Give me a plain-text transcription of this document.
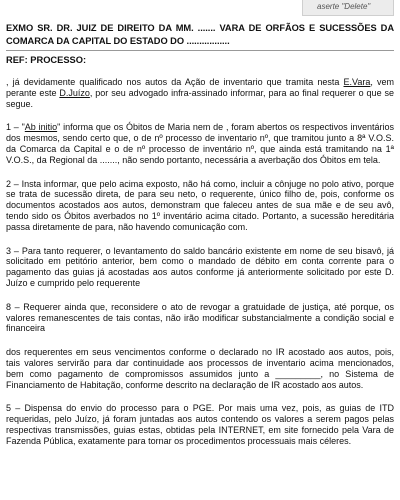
aserte "Delete"
EXMO SR. DR. JUIZ DE DIREITO DA MM. ....... VARA DE ORFÃOS E SUCESSÕES DA COMARCA DA CAPITAL DO ESTADO DO .................
REF: PROCESSO:

, já devidamente qualificado nos autos da Ação de inventario que tramita nesta E.Vara, vem perante este D.Juízo, por seu advogado infra-assinado informar, para ao final requerer o que se segue.

1 – "Ab initio" informa que os Óbitos de Maria nem de , foram abertos os respectivos inventários dos mesmos, sendo certo que, o de nº processo de inventario nº, que tramitou junto a 8ª V.O.S. da Comarca da Capital e o de nº processo de inventário nº, que ainda está tramitando na 1ª V.O.S., da Regional da ......., não sendo portanto, necessária a averbação dos Óbitos em tela.

2 – Insta informar, que pelo acima exposto, não há como, incluir a cônjuge no polo ativo, porque se trata de sucessão direta, de para seu neto, o requerente, único filho de, pois, conforme os documentos acostados aos autos, demonstram que faleceu antes de sua mãe e de seu avô, tendo sido os Óbitos averbados no 1º inventário acima citado. Portanto, a sucessão hereditária passa diretamente de para, não havendo comunicação com.

3 – Para tanto requerer, o levantamento do saldo bancário existente em nome de seu bisavô, já solicitado em petitório anterior, bem como o mandado de débito em conta corrente para o pagamento das guias já acostadas aos autos conforme já anteriormente solicitado por este D. Juízo e cumprido pelo requerente

8 – Requerer ainda que, reconsidere o ato de revogar a gratuidade de justiça, até porque, os valores remanescentes de tais contas, não irão modificar substancialmente a condição social e financeira

dos requerentes em seus vencimentos conforme o declarado no IR acostado aos autos, pois, tais valores servirão para dar continuidade aos processos de inventario acima mencionados, bem como pagamento de compromissos assumidos junto a _________, no Sistema de Financiamento de Habitação, conforme descrito na declaração de IR acostado aos autos.

5 – Dispensa do envio do processo para o PGE. Por mais uma vez, pois, as guias de ITD requeridas, pelo Juízo, já foram juntadas aos autos contendo os valores a serem pagos pelas respectivas transmissões, guias estas, obtidas pela INTERNET, em site fornecido pela Vara de Fazenda Pública, exatamente para tornar os procedimentos processuais mais céleres.
